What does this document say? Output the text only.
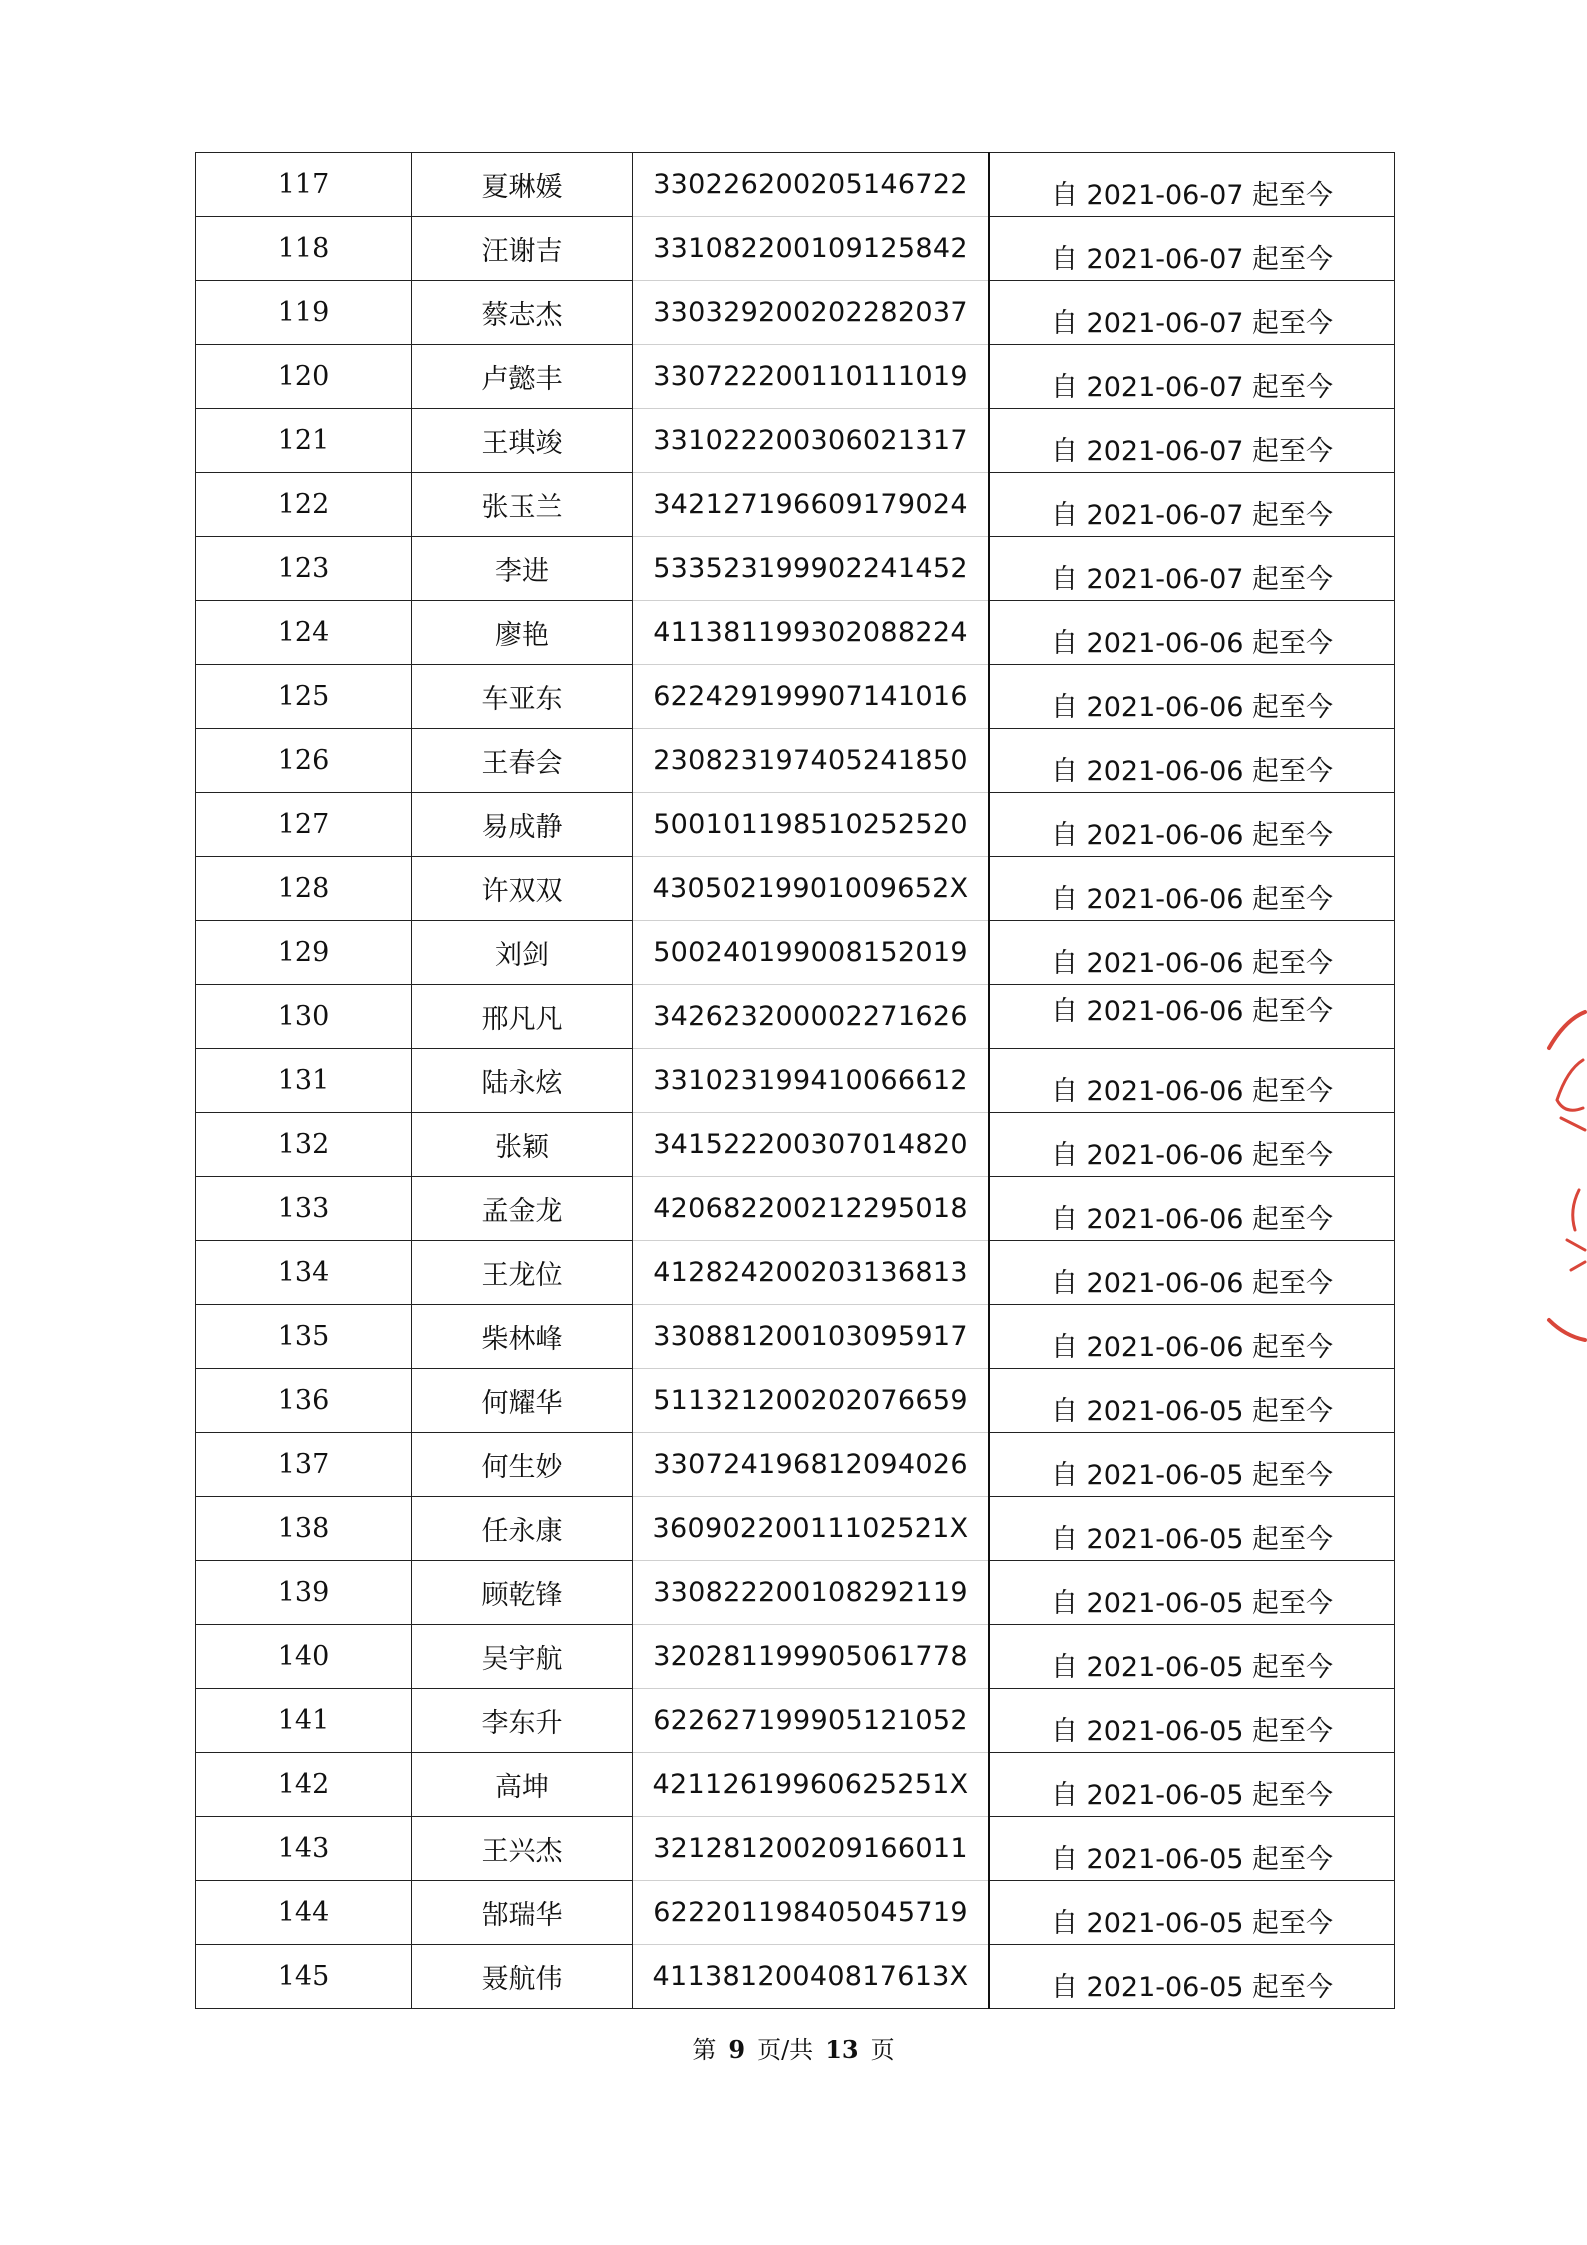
117	夏琳媛	330226200205146722	自 2021-06-07 起至今
118	汪谢吉	331082200109125842	自 2021-06-07 起至今
119	蔡志杰	330329200202282037	自 2021-06-07 起至今
120	卢懿丰	330722200110111019	自 2021-06-07 起至今
121	王琪竣	331022200306021317	自 2021-06-07 起至今
122	张玉兰	342127196609179024	自 2021-06-07 起至今
123	李进	533523199902241452	自 2021-06-07 起至今
124	廖艳	411381199302088224	自 2021-06-06 起至今
125	车亚东	622429199907141016	自 2021-06-06 起至今
126	王春会	230823197405241850	自 2021-06-06 起至今
127	易成静	500101198510252520	自 2021-06-06 起至今
128	许双双	43050219901009652X	自 2021-06-06 起至今
129	刘剑	500240199008152019	自 2021-06-06 起至今
130	邢凡凡	342623200002271626	自 2021-06-06 起至今
131	陆永炫	331023199410066612	自 2021-06-06 起至今
132	张颖	341522200307014820	自 2021-06-06 起至今
133	孟金龙	420682200212295018	自 2021-06-06 起至今
134	王龙位	412824200203136813	自 2021-06-06 起至今
135	柴林峰	330881200103095917	自 2021-06-06 起至今
136	何耀华	511321200202076659	自 2021-06-05 起至今
137	何生妙	330724196812094026	自 2021-06-05 起至今
138	任永康	36090220011102521X	自 2021-06-05 起至今
139	顾乾锋	330822200108292119	自 2021-06-05 起至今
140	吴宇航	320281199905061778	自 2021-06-05 起至今
141	李东升	622627199905121052	自 2021-06-05 起至今
142	高坤	42112619960625251X	自 2021-06-05 起至今
143	王兴杰	321281200209166011	自 2021-06-05 起至今
144	郜瑞华	622201198405045719	自 2021-06-05 起至今
145	聂航伟	41138120040817613X	自 2021-06-05 起至今
第 9 页/共 13 页
